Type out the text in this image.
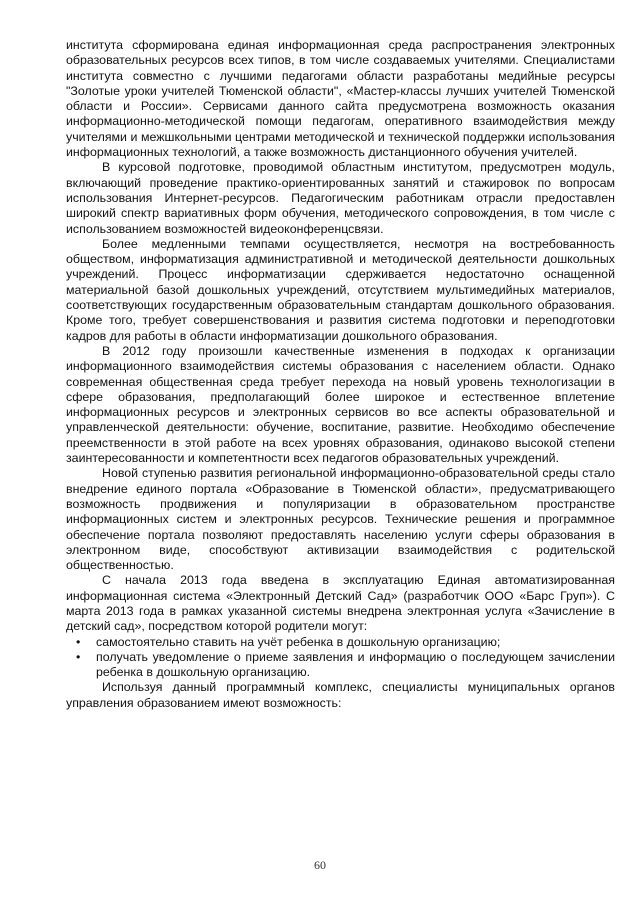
института сформирована единая информационная среда распространения электронных образовательных ресурсов всех типов, в том числе создаваемых учителями. Специалистами института совместно с лучшими педагогами области разработаны медийные ресурсы "Золотые уроки учителей Тюменской области", «Мастер-классы лучших учителей Тюменской области и России». Сервисами данного сайта предусмотрена возможность оказания информационно-методической помощи педагогам, оперативного взаимодействия между учителями и межшкольными центрами методической и технической поддержки использования информационных технологий, а также возможность дистанционного обучения учителей.

В курсовой подготовке, проводимой областным институтом, предусмотрен модуль, включающий проведение практико-ориентированных занятий и стажировок по вопросам использования Интернет-ресурсов. Педагогическим работникам отрасли предоставлен широкий спектр вариативных форм обучения, методического сопровождения, в том числе с использованием возможностей видеоконференцсвязи.

Более медленными темпами осуществляется, несмотря на востребованность обществом, информатизация административной и методической деятельности дошкольных учреждений. Процесс информатизации сдерживается недостаточно оснащенной материальной базой дошкольных учреждений, отсутствием мультимедийных материалов, соответствующих государственным образовательным стандартам дошкольного образования. Кроме того, требует совершенствования и развития система подготовки и переподготовки кадров для работы в области информатизации дошкольного образования.

В 2012 году произошли качественные изменения в подходах к организации информационного взаимодействия системы образования с населением области. Однако современная общественная среда требует перехода на новый уровень технологизации в сфере образования, предполагающий более широкое и естественное вплетение информационных ресурсов и электронных сервисов во все аспекты образовательной и управленческой деятельности: обучение, воспитание, развитие. Необходимо обеспечение преемственности в этой работе на всех уровнях образования, одинаково высокой степени заинтересованности и компетентности всех педагогов образовательных учреждений.

Новой ступенью развития региональной информационно-образовательной среды стало внедрение единого портала «Образование в Тюменской области», предусматривающего возможность продвижения и популяризации в образовательном пространстве информационных систем и электронных ресурсов. Технические решения и программное обеспечение портала позволяют предоставлять населению услуги сферы образования в электронном виде, способствуют активизации взаимодействия с родительской общественностью.

С начала 2013 года введена в эксплуатацию Единая автоматизированная информационная система «Электронный Детский Сад» (разработчик ООО «Барс Груп»). С марта 2013 года в рамках указанной системы внедрена электронная услуга «Зачисление в детский сад», посредством которой родители могут:

• самостоятельно ставить на учёт ребенка в дошкольную организацию;
• получать уведомление о приеме заявления и информацию о последующем зачислении ребенка в дошкольную организацию.

Используя данный программный комплекс, специалисты муниципальных органов управления образованием имеют возможность:

60
